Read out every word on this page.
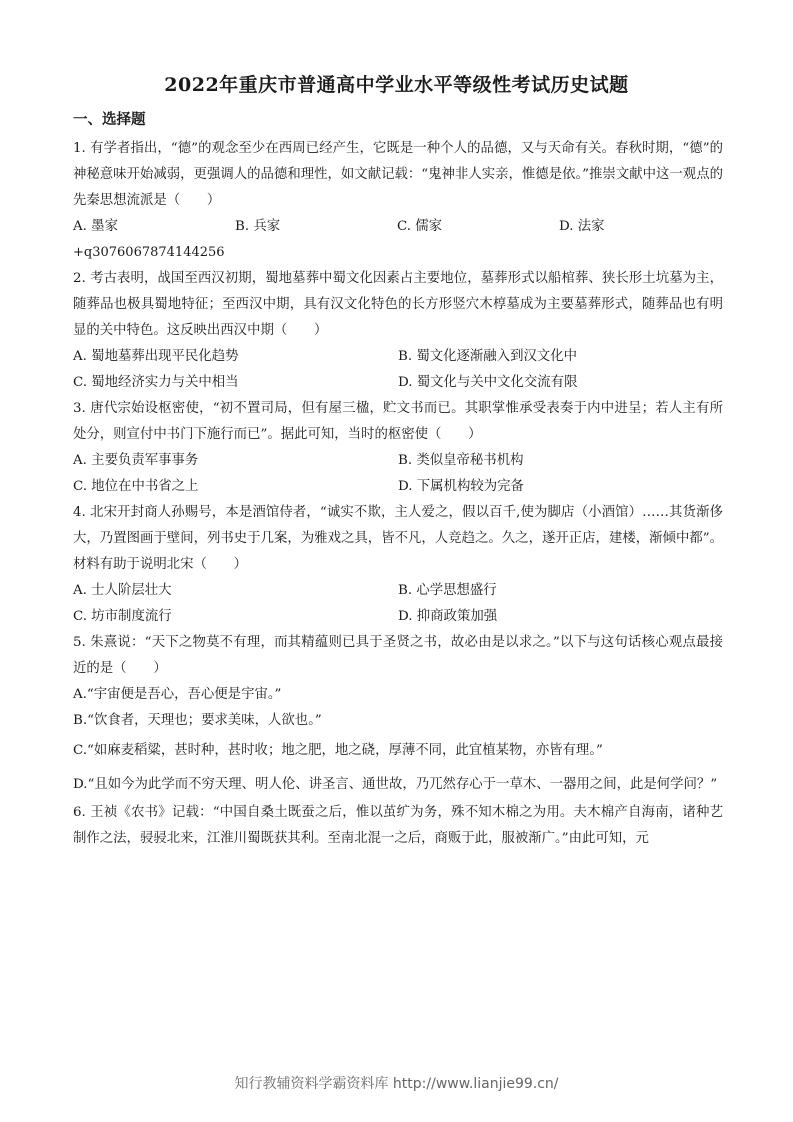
2022年重庆市普通高中学业水平等级性考试历史试题
一、选择题

1. 有学者指出，“德”的观念至少在西周已经产生，它既是一种个人的品德，又与天命有关。春秋时期，“德”的神秘意味开始减弱，更强调人的品德和理性，如文献记载：“鬼神非人实亲，惟德是依。”推崇文献中这一观点的先秦思想流派是（　　）

A. 墨家	B. 兵家	C. 儒家	D. 法家
+q3076067874144256

2. 考古表明，战国至西汉初期，蜀地墓葬中蜀文化因素占主要地位，墓葬形式以船棺葬、狭长形土坑墓为主，随葬品也极具蜀地特征；至西汉中期，具有汉文化特色的长方形竖穴木椁墓成为主要墓葬形式，随葬品也有明显的关中特色。这反映出西汉中期（　　）

A. 蜀地墓葬出现平民化趋势	B. 蜀文化逐渐融入到汉文化中
C. 蜀地经济实力与关中相当	D. 蜀文化与关中文化交流有限

3. 唐代宗始设枢密使，“初不置司局，但有屋三楹，贮文书而已。其职掌惟承受表奏于内中进呈；若人主有所处分，则宣付中书门下施行而已”。据此可知，当时的枢密使（　　）

A. 主要负责军事事务	B. 类似皇帝秘书机构
C. 地位在中书省之上	D. 下属机构较为完备

4. 北宋开封商人孙赐号，本是酒馆侍者，“诚实不欺，主人爱之，假以百千,使为脚店（小酒馆）……其货渐侈大，乃置图画于壁间，列书史于几案，为雅戏之具，皆不凡，人竞趋之。久之，遂开正店，建楼，渐倾中都”。材料有助于说明北宋（　　）

A. 士人阶层壮大	B. 心学思想盛行
C. 坊市制度流行	D. 抑商政策加强

5. 朱熹说：“天下之物莫不有理，而其精蕴则已具于圣贤之书，故必由是以求之。”以下与这句话核心观点最接近的是（　　）

A.“宇宙便是吾心，吾心便是宇宙。”

B.“饮食者，天理也；要求美味，人欲也。”

C.“如麻麦稻粱，甚时种，甚时收；地之肥，地之硗，厚薄不同，此宜植某物，亦皆有理。”

D.“且如今为此学而不穷天理、明人伦、讲圣言、通世故，乃兀然存心于一草木、一器用之间，此是何学问？”

6. 王祯《农书》记载：“中国自桑土既蚕之后，惟以茧纩为务，殊不知木棉之为用。夫木棉产自海南，诸种艺制作之法，骎骎北来，江淮川蜀既获其利。至南北混一之后，商贩于此，服被渐广。”由此可知，元

知行教辅资料学霸资料库 http://www.lianjie99.cn/
